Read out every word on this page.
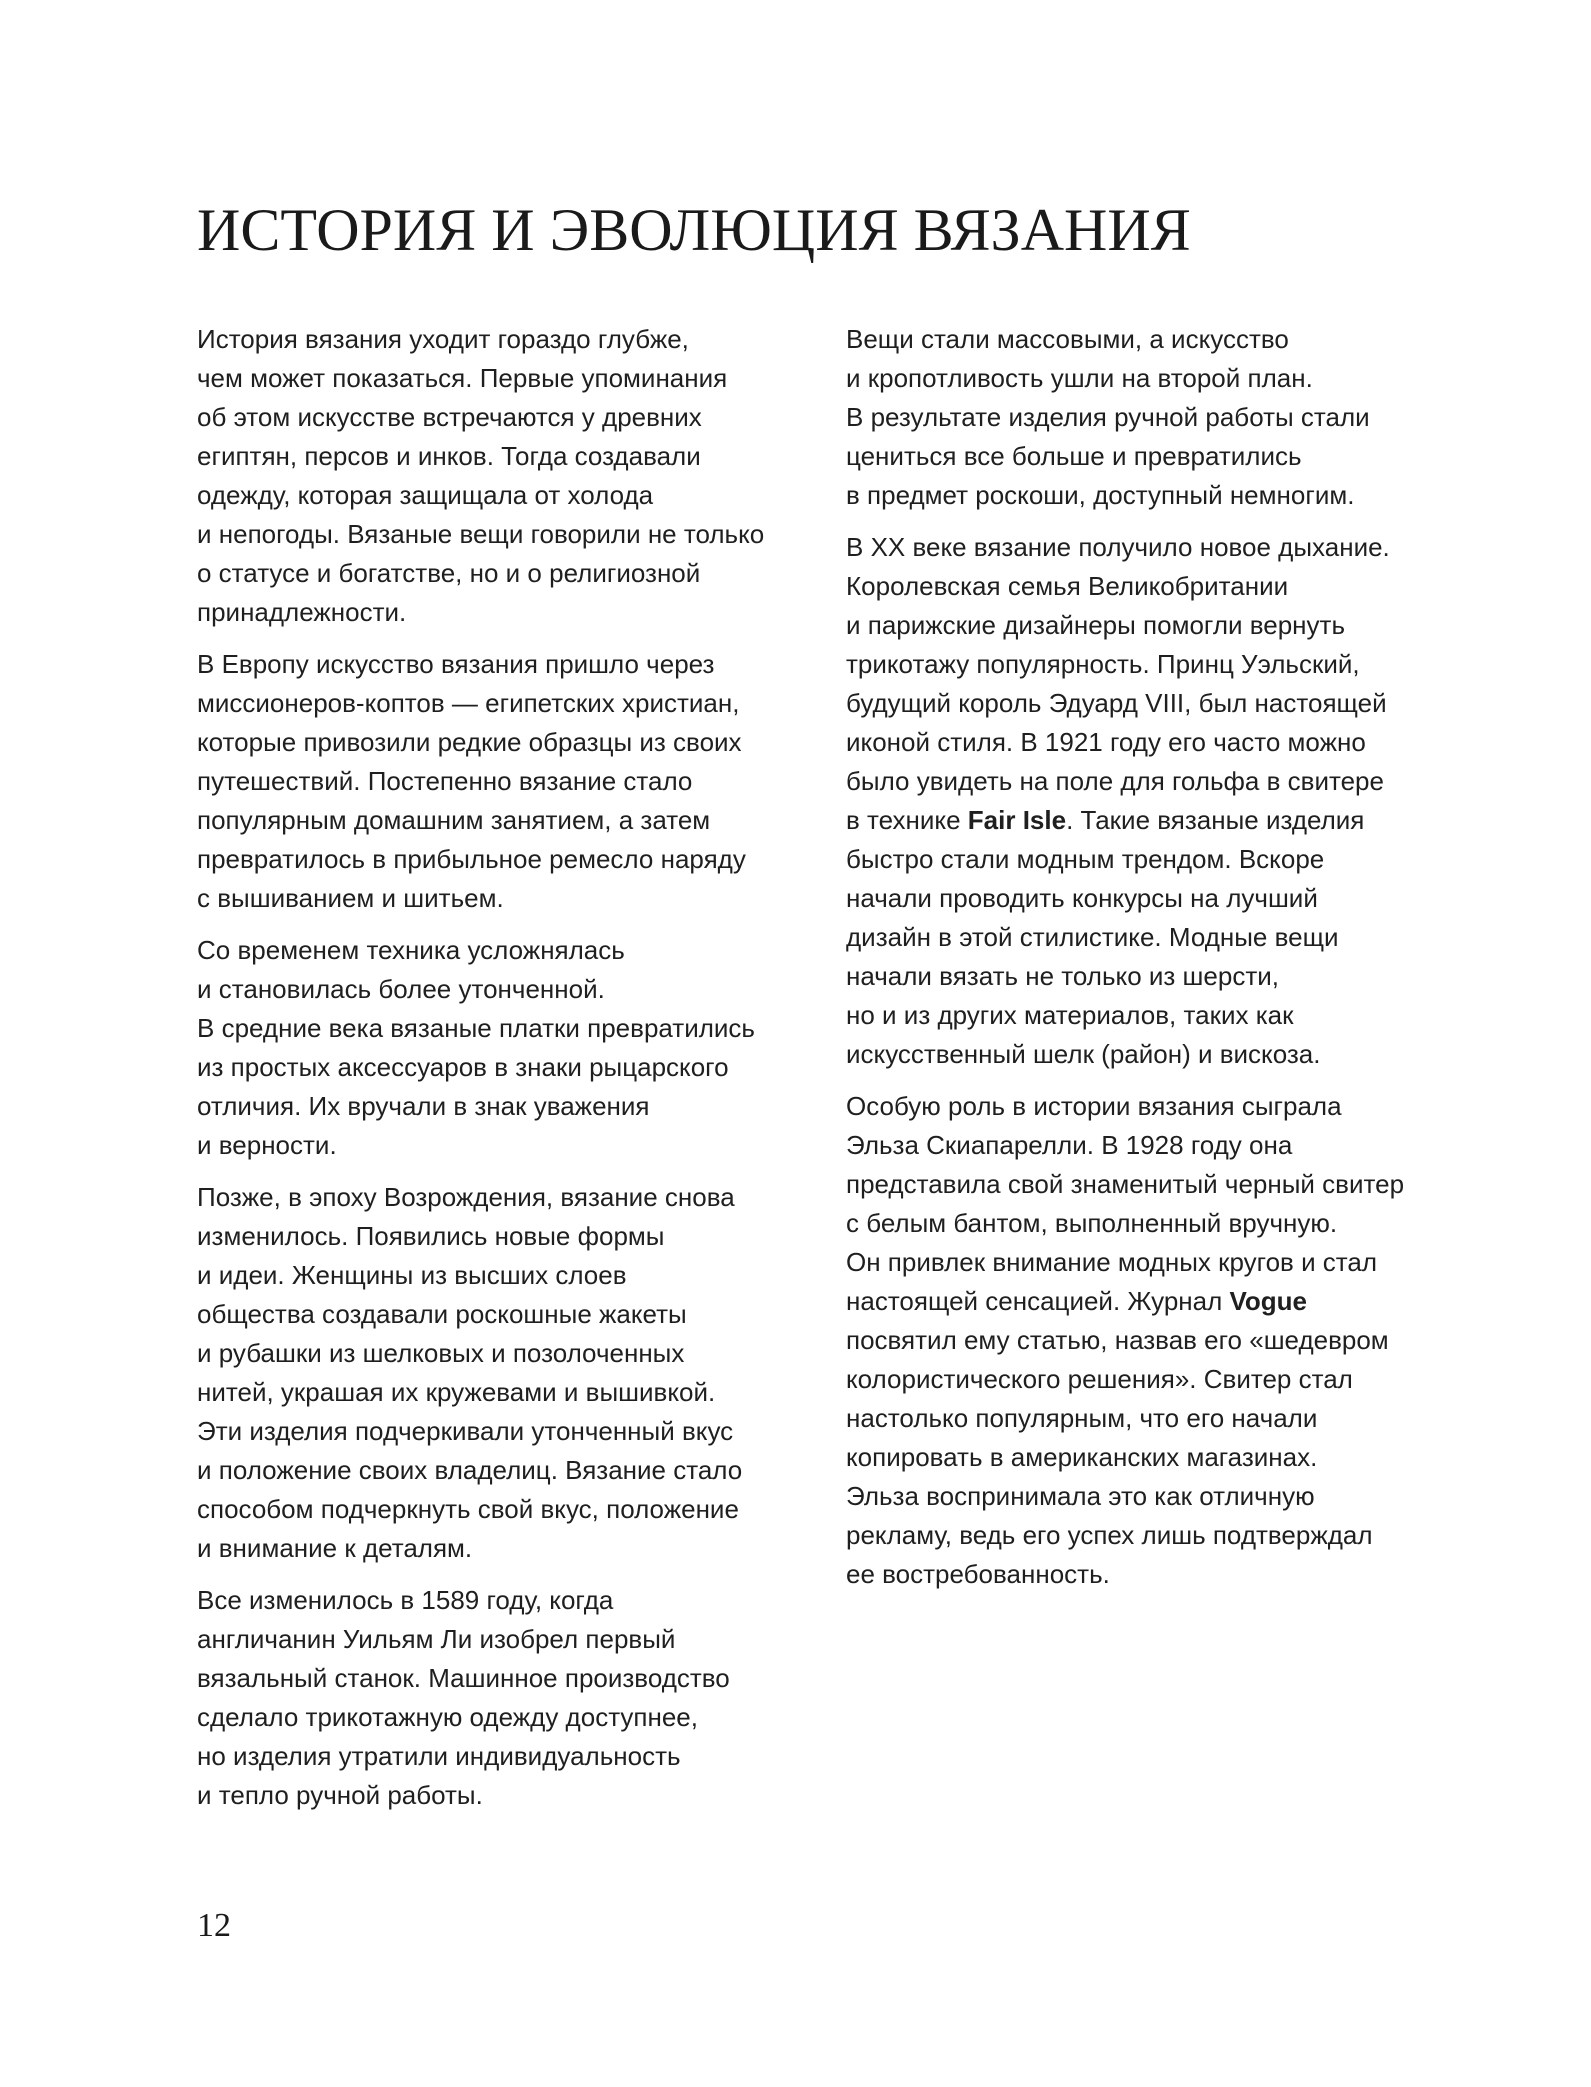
ИСТОРИЯ И ЭВОЛЮЦИЯ ВЯЗАНИЯ

История вязания уходит гораздо глубже,
чем может показаться. Первые упоминания
об этом искусстве встречаются у древних
египтян, персов и инков. Тогда создавали
одежду, которая защищала от холода
и непогоды. Вязаные вещи говорили не только
о статусе и богатстве, но и о религиозной
принадлежности.

В Европу искусство вязания пришло через
миссионеров-коптов — египетских христиан,
которые привозили редкие образцы из своих
путешествий. Постепенно вязание стало
популярным домашним занятием, а затем
превратилось в прибыльное ремесло наряду
с вышиванием и шитьем.

Со временем техника усложнялась
и становилась более утонченной.
В средние века вязаные платки превратились
из простых аксессуаров в знаки рыцарского
отличия. Их вручали в знак уважения
и верности.

Позже, в эпоху Возрождения, вязание снова
изменилось. Появились новые формы
и идеи. Женщины из высших слоев
общества создавали роскошные жакеты
и рубашки из шелковых и позолоченных
нитей, украшая их кружевами и вышивкой.
Эти изделия подчеркивали утонченный вкус
и положение своих владелиц. Вязание стало
способом подчеркнуть свой вкус, положение
и внимание к деталям.

Все изменилось в 1589 году, когда
англичанин Уильям Ли изобрел первый
вязальный станок. Машинное производство
сделало трикотажную одежду доступнее,
но изделия утратили индивидуальность
и тепло ручной работы.

Вещи стали массовыми, а искусство
и кропотливость ушли на второй план.
В результате изделия ручной работы стали
цениться все больше и превратились
в предмет роскоши, доступный немногим.

В XX веке вязание получило новое дыхание.
Королевская семья Великобритании
и парижские дизайнеры помогли вернуть
трикотажу популярность. Принц Уэльский,
будущий король Эдуард VIII, был настоящей
иконой стиля. В 1921 году его часто можно
было увидеть на поле для гольфа в свитере
в технике Fair Isle. Такие вязаные изделия
быстро стали модным трендом. Вскоре
начали проводить конкурсы на лучший
дизайн в этой стилистике. Модные вещи
начали вязать не только из шерсти,
но и из других материалов, таких как
искусственный шелк (район) и вискоза.

Особую роль в истории вязания сыграла
Эльза Скиапарелли. В 1928 году она
представила свой знаменитый черный свитер
с белым бантом, выполненный вручную.
Он привлек внимание модных кругов и стал
настоящей сенсацией. Журнал Vogue
посвятил ему статью, назвав его «шедевром
колористического решения». Свитер стал
настолько популярным, что его начали
копировать в американских магазинах.
Эльза воспринимала это как отличную
рекламу, ведь его успех лишь подтверждал
ее востребованность.

12
